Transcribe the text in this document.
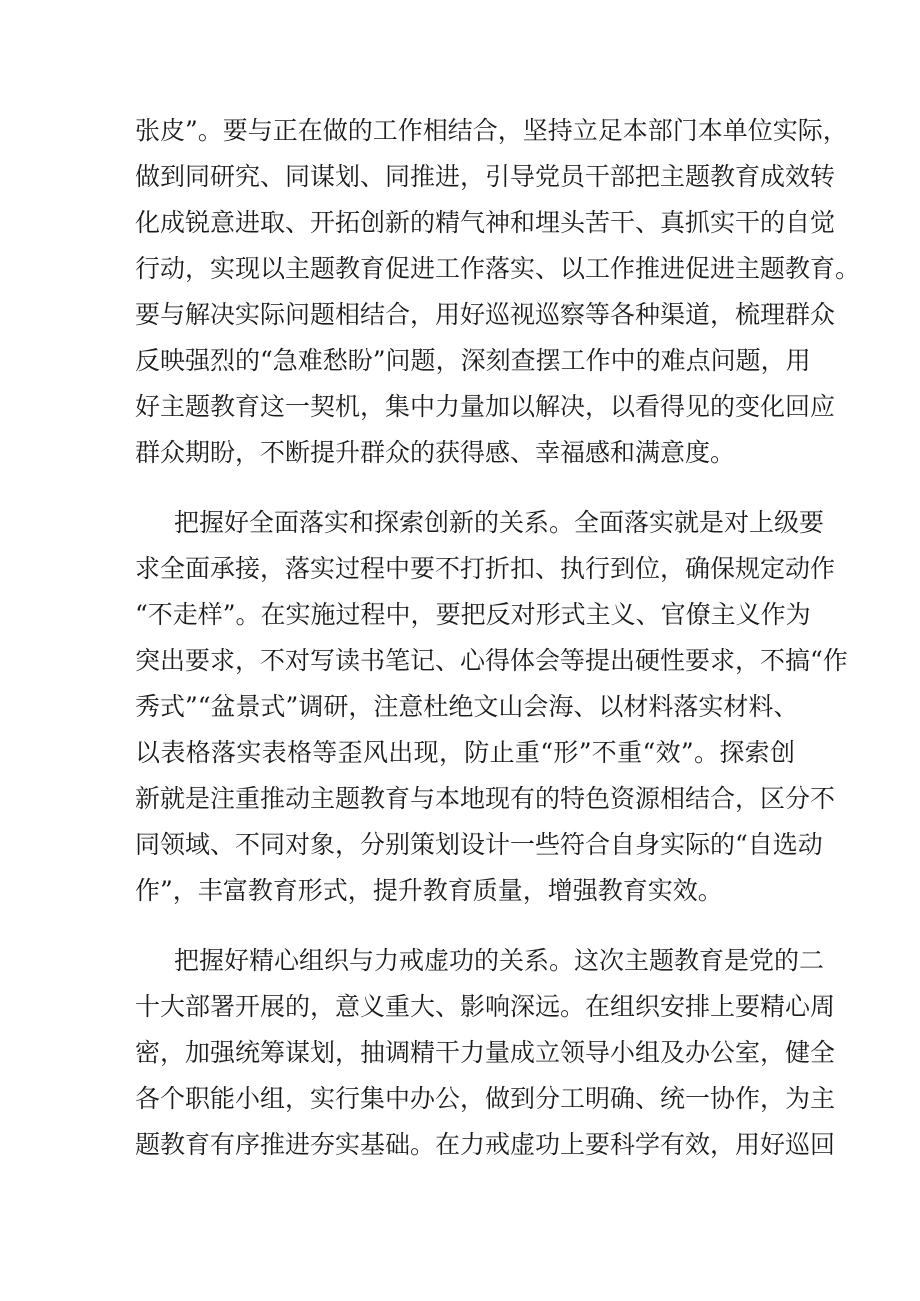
张皮”。要与正在做的工作相结合，坚持立足本部门本单位实际，
做到同研究、同谋划、同推进，引导党员干部把主题教育成效转
化成锐意进取、开拓创新的精气神和埋头苦干、真抓实干的自觉
行动，实现以主题教育促进工作落实、以工作推进促进主题教育。
要与解决实际问题相结合，用好巡视巡察等各种渠道，梳理群众
反映强烈的“急难愁盼”问题，深刻查摆工作中的难点问题，用
好主题教育这一契机，集中力量加以解决，以看得见的变化回应
群众期盼，不断提升群众的获得感、幸福感和满意度。
把握好全面落实和探索创新的关系。全面落实就是对上级要
求全面承接，落实过程中要不打折扣、执行到位，确保规定动作
“不走样”。在实施过程中，要把反对形式主义、官僚主义作为
突出要求，不对写读书笔记、心得体会等提出硬性要求，不搞“作
秀式”“盆景式”调研，注意杜绝文山会海、以材料落实材料、
以表格落实表格等歪风出现，防止重“形”不重“效”。探索创
新就是注重推动主题教育与本地现有的特色资源相结合，区分不
同领域、不同对象，分别策划设计一些符合自身实际的“自选动
作”，丰富教育形式，提升教育质量，增强教育实效。
把握好精心组织与力戒虚功的关系。这次主题教育是党的二
十大部署开展的，意义重大、影响深远。在组织安排上要精心周
密，加强统筹谋划，抽调精干力量成立领导小组及办公室，健全
各个职能小组，实行集中办公，做到分工明确、统一协作，为主
题教育有序推进夯实基础。在力戒虚功上要科学有效，用好巡回
